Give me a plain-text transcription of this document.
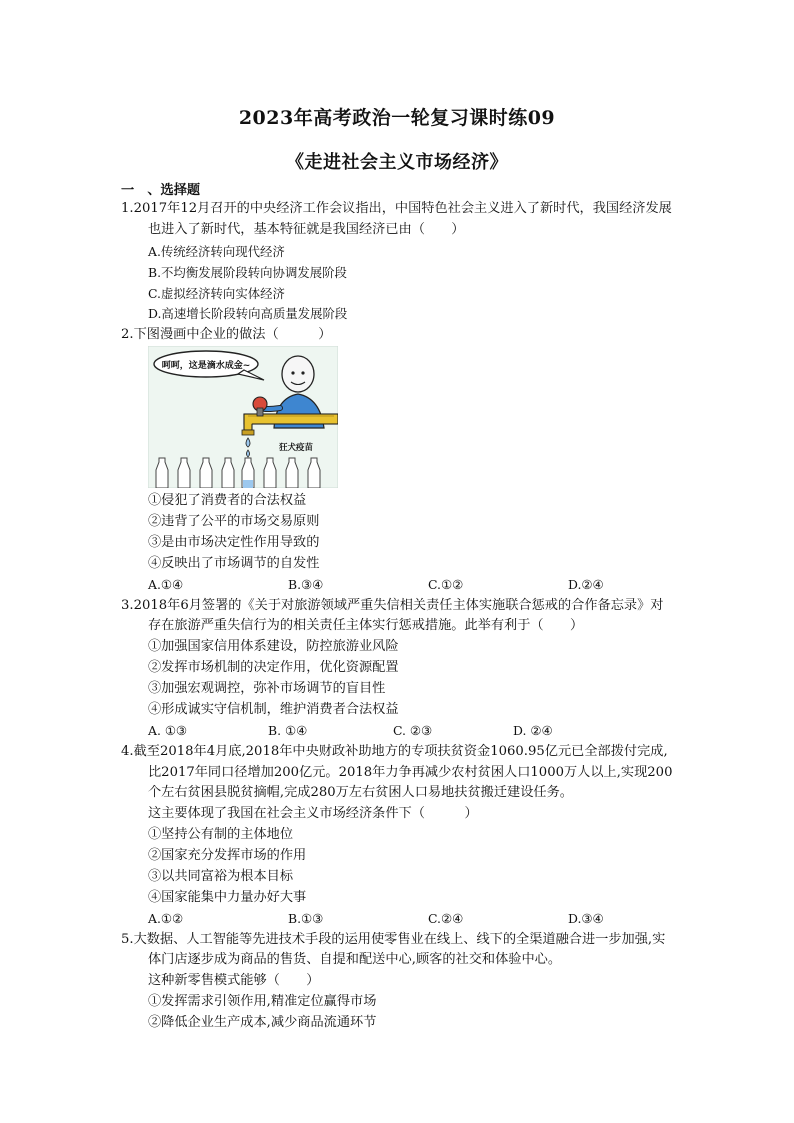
2023年高考政治一轮复习课时练09
《走进社会主义市场经济》
一　、选择题
1.2017年12月召开的中央经济工作会议指出，中国特色社会主义进入了新时代，我国经济发展
也进入了新时代，基本特征就是我国经济已由（　　）
A.传统经济转向现代经济
B.不均衡发展阶段转向协调发展阶段
C.虚拟经济转向实体经济
D.高速增长阶段转向高质量发展阶段
2.下图漫画中企业的做法（　　　）
呵呵，这是滴水成金~
狂犬疫苗
①侵犯了消费者的合法权益
②违背了公平的市场交易原则
③是由市场决定性作用导致的
④反映出了市场调节的自发性
A.①④	B.③④	C.①②	D.②④
3.2018年6月签署的《关于对旅游领域严重失信相关责任主体实施联合惩戒的合作备忘录》对
存在旅游严重失信行为的相关责任主体实行惩戒措施。此举有利于（　　）
①加强国家信用体系建设，防控旅游业风险
②发挥市场机制的决定作用，优化资源配置
③加强宏观调控，弥补市场调节的盲目性
④形成诚实守信机制，维护消费者合法权益
A. ①③	B. ①④	C. ②③	D. ②④
4.截至2018年4月底,2018年中央财政补助地方的专项扶贫资金1060.95亿元已全部拨付完成,
比2017年同口径增加200亿元。2018年力争再减少农村贫困人口1000万人以上,实现200
个左右贫困县脱贫摘帽,完成280万左右贫困人口易地扶贫搬迁建设任务。
这主要体现了我国在社会主义市场经济条件下（　　　）
①坚持公有制的主体地位
②国家充分发挥市场的作用
③以共同富裕为根本目标
④国家能集中力量办好大事
A.①②	B.①③	C.②④	D.③④
5.大数据、人工智能等先进技术手段的运用使零售业在线上、线下的全渠道融合进一步加强,实
体门店逐步成为商品的售货、自提和配送中心,顾客的社交和体验中心。
这种新零售模式能够（　　）
①发挥需求引领作用,精准定位赢得市场
②降低企业生产成本,减少商品流通环节
